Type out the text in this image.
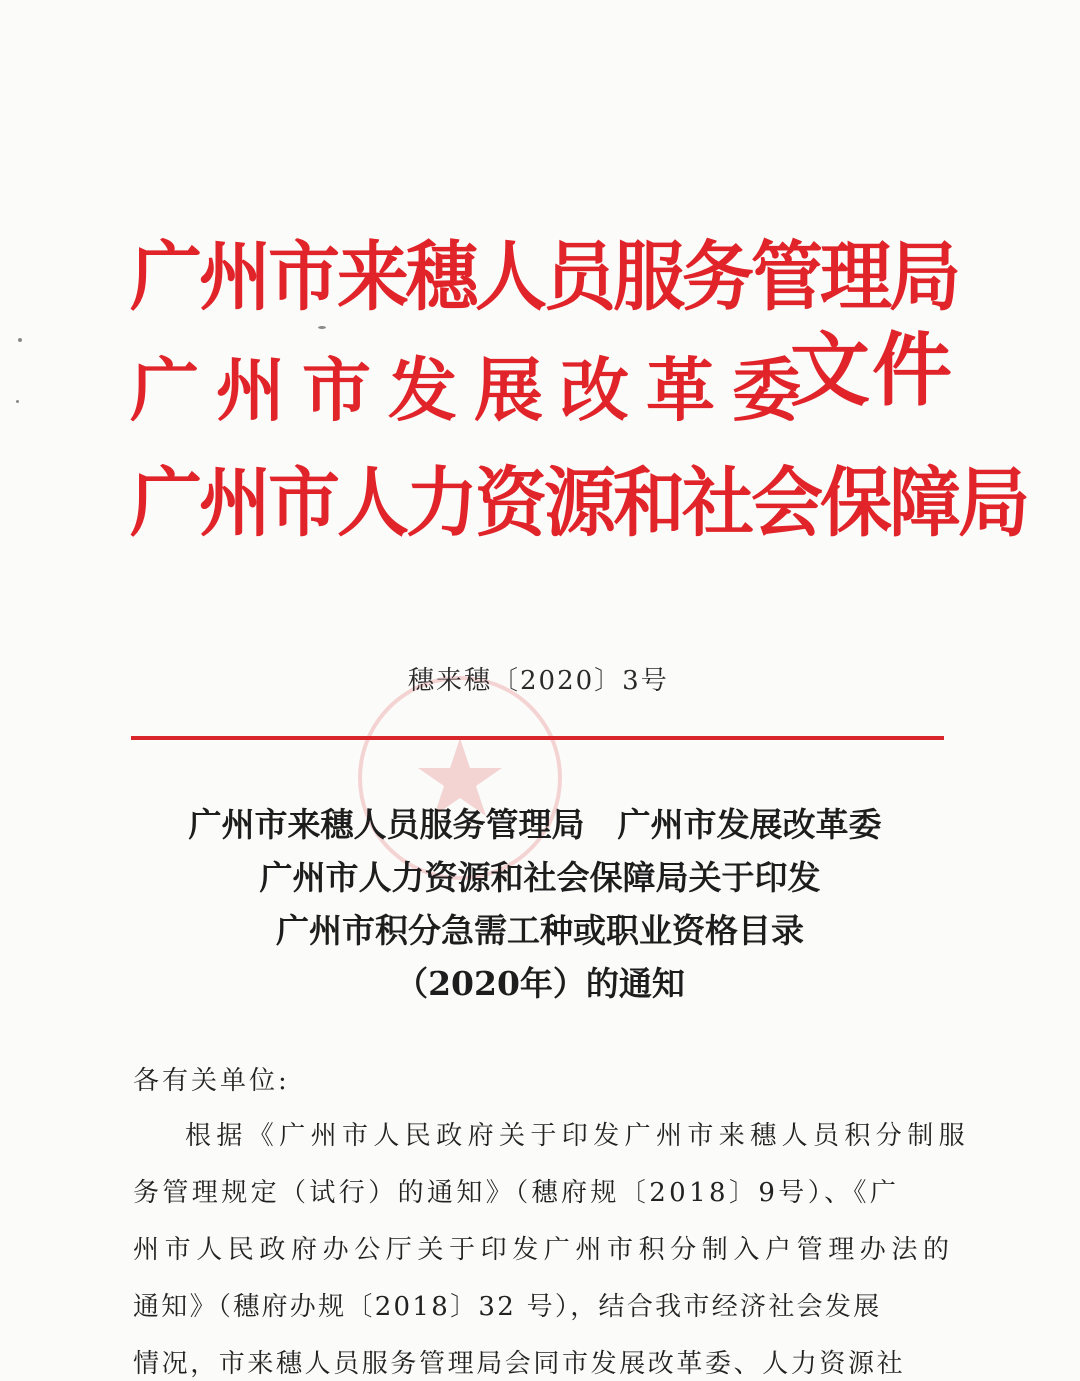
广州市来穗人员服务管理局
广州市发展改革委
广州市人力资源和社会保障局
文件
穗来穗〔2020〕3号
广州市来穗人员服务管理局　广州市发展改革委
广州市人力资源和社会保障局关于印发
广州市积分急需工种或职业资格目录
（2020年）的通知
各有关单位:
根据《广州市人民政府关于印发广州市来穗人员积分制服
务管理规定（试行）的通知》（穗府规〔2018〕9号）、《广
州市人民政府办公厅关于印发广州市积分制入户管理办法的
通知》（穗府办规〔2018〕32 号），结合我市经济社会发展
情况，市来穗人员服务管理局会同市发展改革委、人力资源社
